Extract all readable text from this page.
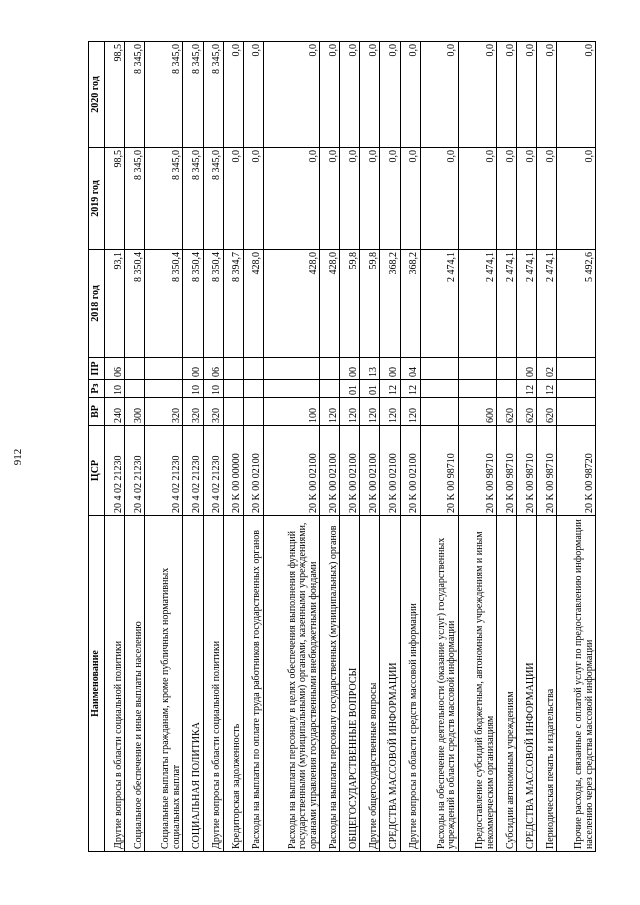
912
Наименование	ЦСР	ВР	Рз	ПР	2018 год	2019 год	2020 год
Другие вопросы в области социальной политики	20 4 02 21230	240	10	06	93,1	98,5	98,5
Социальное обеспечение и иные выплаты населению	20 4 02 21230	300			8 350,4	8 345,0	8 345,0
Социальные выплаты гражданам, кроме публичных нормативных социальных выплат	20 4 02 21230	320			8 350,4	8 345,0	8 345,0
СОЦИАЛЬНАЯ ПОЛИТИКА	20 4 02 21230	320	10	00	8 350,4	8 345,0	8 345,0
Другие вопросы в области социальной политики	20 4 02 21230	320	10	06	8 350,4	8 345,0	8 345,0
Кредиторская задолженность	20 K 00 00000				8 394,7	0,0	0,0
Расходы на выплаты по оплате труда работников государственных органов	20 K 00 02100				428,0	0,0	0,0
Расходы на выплаты персоналу в целях обеспечения выполнения функций государственными (муниципальными) органами, казенными учреждениями, органами управления государственными внебюджетными фондами	20 K 00 02100	100			428,0	0,0	0,0
Расходы на выплаты персоналу государственных (муниципальных) органов	20 K 00 02100	120			428,0	0,0	0,0
ОБЩЕГОСУДАРСТВЕННЫЕ ВОПРОСЫ	20 K 00 02100	120	01	00	59,8	0,0	0,0
Другие общегосударственные вопросы	20 K 00 02100	120	01	13	59,8	0,0	0,0
СРЕДСТВА МАССОВОЙ ИНФОРМАЦИИ	20 K 00 02100	120	12	00	368,2	0,0	0,0
Другие вопросы в области средств массовой информации	20 K 00 02100	120	12	04	368,2	0,0	0,0
Расходы на обеспечение деятельности (оказание услуг) государственных учреждений в области средств массовой информации	20 K 00 98710				2 474,1	0,0	0,0
Предоставление субсидий бюджетным, автономным учреждениям и иным некоммерческим организациям	20 K 00 98710	600			2 474,1	0,0	0,0
Субсидии автономным учреждениям	20 K 00 98710	620			2 474,1	0,0	0,0
СРЕДСТВА МАССОВОЙ ИНФОРМАЦИИ	20 K 00 98710	620	12	00	2 474,1	0,0	0,0
Периодическая печать и издательства	20 K 00 98710	620	12	02	2 474,1	0,0	0,0
Прочие расходы, связанные с оплатой услуг по предоставлению информации населению через средства массовой информации	20 K 00 98720				5 492,6	0,0	0,0
